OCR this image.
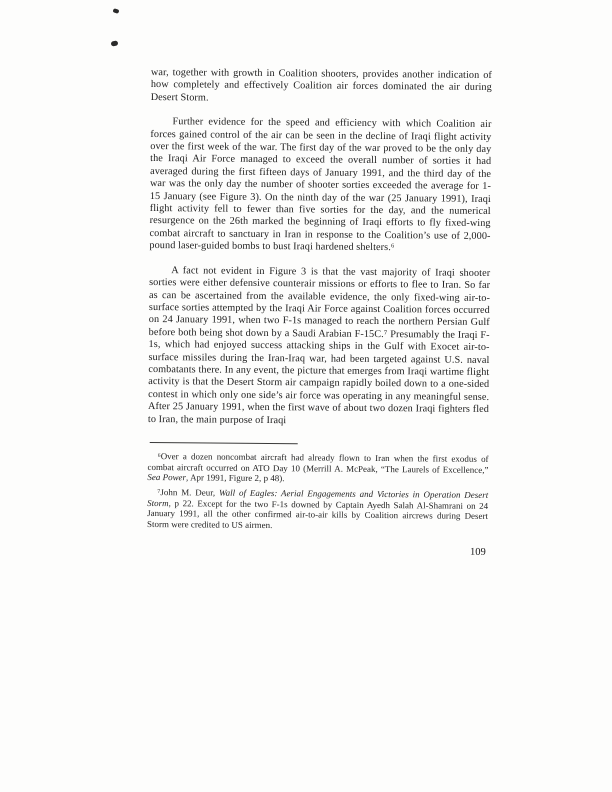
war, together with growth in Coalition shooters, provides another indication of how completely and effectively Coalition air forces dominated the air during Desert Storm.

Further evidence for the speed and efficiency with which Coalition air forces gained control of the air can be seen in the decline of Iraqi flight activity over the first week of the war. The first day of the war proved to be the only day the Iraqi Air Force managed to exceed the overall number of sorties it had averaged during the first fifteen days of January 1991, and the third day of the war was the only day the number of shooter sorties exceeded the average for 1-15 January (see Figure 3). On the ninth day of the war (25 January 1991), Iraqi flight activity fell to fewer than five sorties for the day, and the numerical resurgence on the 26th marked the beginning of Iraqi efforts to fly fixed-wing combat aircraft to sanctuary in Iran in response to the Coalition’s use of 2,000-pound laser-guided bombs to bust Iraqi hardened shelters.⁶

A fact not evident in Figure 3 is that the vast majority of Iraqi shooter sorties were either defensive counterair missions or efforts to flee to Iran. So far as can be ascertained from the available evidence, the only fixed-wing air-to-surface sorties attempted by the Iraqi Air Force against Coalition forces occurred on 24 January 1991, when two F-1s managed to reach the northern Persian Gulf before both being shot down by a Saudi Arabian F-15C.⁷ Presumably the Iraqi F-1s, which had enjoyed success attacking ships in the Gulf with Exocet air-to-surface missiles during the Iran-Iraq war, had been targeted against U.S. naval combatants there. In any event, the picture that emerges from Iraqi wartime flight activity is that the Desert Storm air campaign rapidly boiled down to a one-sided contest in which only one side’s air force was operating in any meaningful sense. After 25 January 1991, when the first wave of about two dozen Iraqi fighters fled to Iran, the main purpose of Iraqi

⁶Over a dozen noncombat aircraft had already flown to Iran when the first exodus of combat aircraft occurred on ATO Day 10 (Merrill A. McPeak, “The Laurels of Excellence,” Sea Power, Apr 1991, Figure 2, p 48).

⁷John M. Deur, Wall of Eagles: Aerial Engagements and Victories in Operation Desert Storm, p 22. Except for the two F-1s downed by Captain Ayedh Salah Al-Shamrani on 24 January 1991, all the other confirmed air-to-air kills by Coalition aircrews during Desert Storm were credited to US airmen.

109
